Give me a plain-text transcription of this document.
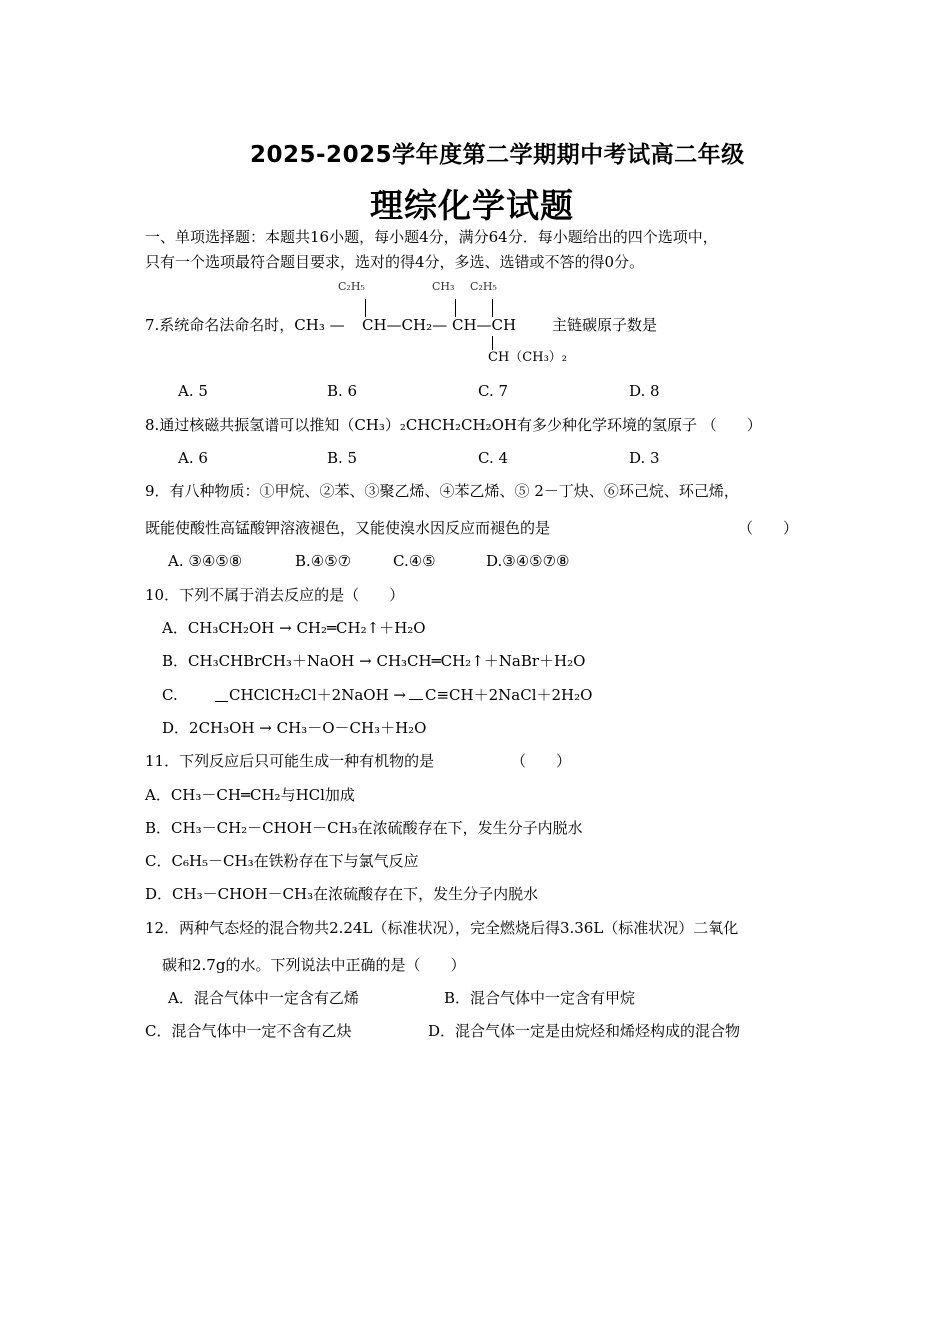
2025-2025学年度第二学期期中考试高二年级
理综化学试题
一、单项选择题：本题共16小题，每小题4分，满分64分．每小题给出的四个选项中，
只有一个选项最符合题目要求，选对的得4分，多选、选错或不答的得0分。
C₂H₅	CH₃ C₂H₅
7.系统命名法命名时，CH₃ — CH—CH₂— CH—CH 主链碳原子数是
CH（CH₃）₂
A. 5	B. 6	C. 7	D. 8
8.通过核磁共振氢谱可以推知（CH₃）₂CHCH₂CH₂OH有多少种化学环境的氢原子 （　　）
A. 6	B. 5	C. 4	D. 3
9．有八种物质：①甲烷、②苯、③聚乙烯、④苯乙烯、⑤ 2－丁炔、⑥环己烷、环己烯，
既能使酸性高锰酸钾溶液褪色，又能使溴水因反应而褪色的是	（　　）
A. ③④⑤⑧	B.④⑤⑦	C.④⑤	D.③④⑤⑦⑧
10．下列不属于消去反应的是（　　）
A．CH₃CH₂OH → CH₂═CH₂↑＋H₂O
B．CH₃CHBrCH₃＋NaOH → CH₃CH═CH₂↑＋NaBr＋H₂O
C.	CHClCH₂Cl＋2NaOH → C≡CH＋2NaCl＋2H₂O
D．2CH₃OH → CH₃－O－CH₃＋H₂O
11．下列反应后只可能生成一种有机物的是	（　　）
A．CH₃－CH═CH₂与HCl加成
B．CH₃－CH₂－CHOH－CH₃在浓硫酸存在下，发生分子内脱水
C．C₆H₅－CH₃在铁粉存在下与氯气反应
D．CH₃－CHOH－CH₃在浓硫酸存在下，发生分子内脱水
12．两种气态烃的混合物共2.24L（标准状况），完全燃烧后得3.36L（标准状况）二氧化
碳和2.7g的水。下列说法中正确的是（　　）
A．混合气体中一定含有乙烯	B．混合气体中一定含有甲烷
C．混合气体中一定不含有乙炔	D．混合气体一定是由烷烃和烯烃构成的混合物
